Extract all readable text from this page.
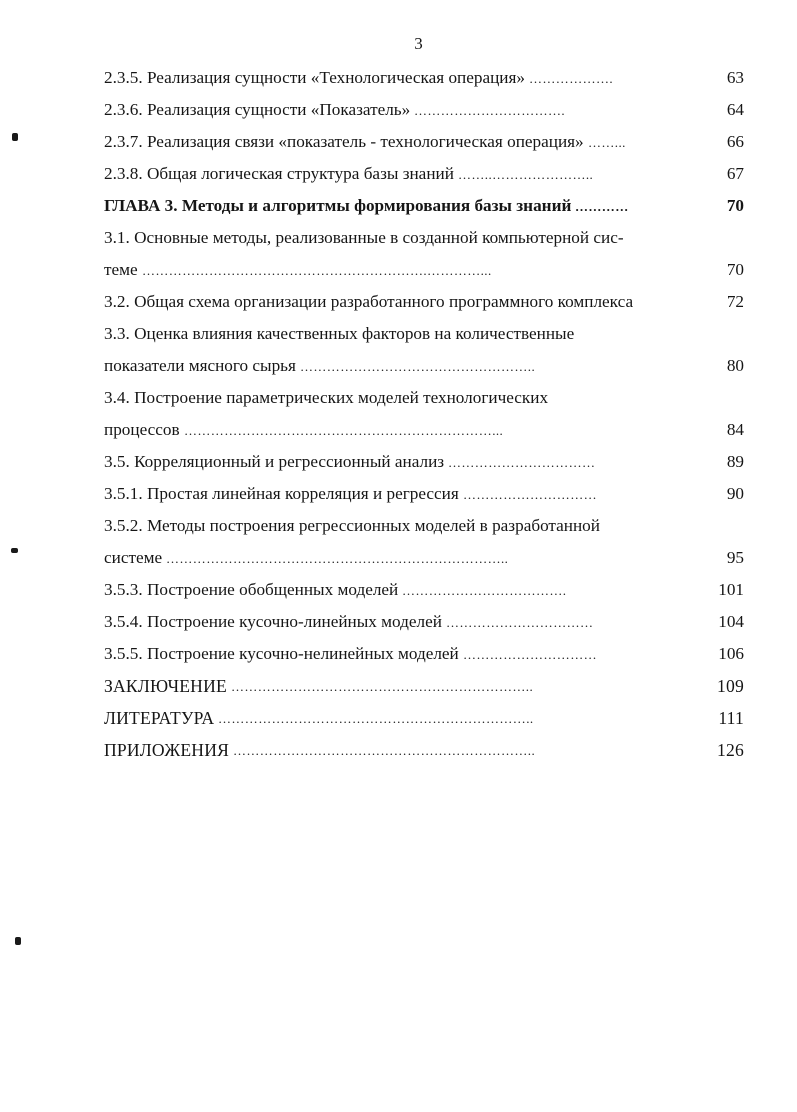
3
2.3.5. Реализация сущности «Технологическая операция» ……………….	63
2.3.6. Реализация сущности «Показатель» …………………………….	64
2.3.7. Реализация связи «показатель - технологическая операция» ……...	66
2.3.8. Общая логическая структура базы знаний ……..…………………..	67
ГЛАВА 3. Методы и алгоритмы формирования базы знаний …………	70
3.1. Основные методы, реализованные в созданной компьютерной сис-
теме ……………………………………………………….…………...	70
3.2. Общая схема организации разработанного программного комплекса	72
3.3. Оценка влияния качественных факторов на количественные
показатели мясного сырья ……………………………………………..	80
3.4. Построение параметрических моделей технологических
процессов ……………………………………………………………...	84
3.5. Корреляционный и регрессионный анализ ……………………………	89
3.5.1. Простая линейная корреляция и регрессия …………………………	90
3.5.2. Методы построения регрессионных моделей в разработанной
системе …………………………………………………………………..	95
3.5.3. Построение обобщенных моделей ……………………………….	101
3.5.4. Построение кусочно-линейных моделей ……………………………	104
3.5.5. Построение кусочно-нелинейных моделей …………………………	106
ЗАКЛЮЧЕНИЕ …………………………………………………………..	109
ЛИТЕРАТУРА ……………………………………………………………..	111
ПРИЛОЖЕНИЯ …………………………………………………………..	126
